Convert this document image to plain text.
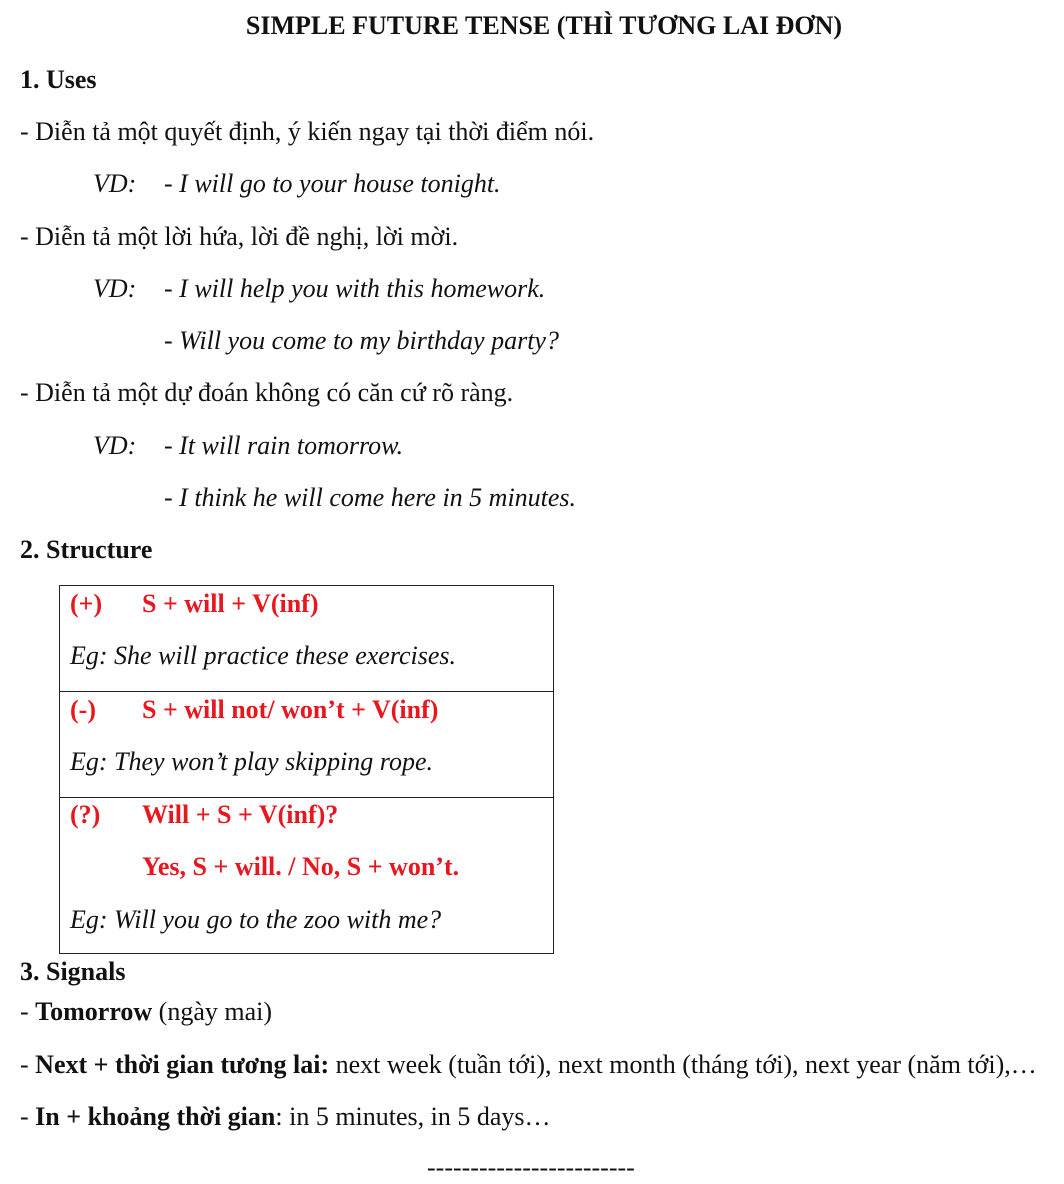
SIMPLE FUTURE TENSE (THÌ TƯƠNG LAI ĐƠN)
1. Uses
- Diễn tả một quyết định, ý kiến ngay tại thời điểm nói.
VD: - I will go to your house tonight.
- Diễn tả một lời hứa, lời đề nghị, lời mời.
VD: - I will help you with this homework.
- Will you come to my birthday party?
- Diễn tả một dự đoán không có căn cứ rõ ràng.
VD: - It will rain tomorrow.
- I think he will come here in 5 minutes.
2. Structure
(+) S + will + V(inf)
Eg: She will practice these exercises.
(-) S + will not/ won’t + V(inf)
Eg: They won’t play skipping rope.
(?) Will + S + V(inf)?
Yes, S + will. / No, S + won’t.
Eg: Will you go to the zoo with me?
3. Signals
- Tomorrow (ngày mai)
- Next + thời gian tương lai: next week (tuần tới), next month (tháng tới), next year (năm tới),…
- In + khoảng thời gian: in 5 minutes, in 5 days…
------------------------
